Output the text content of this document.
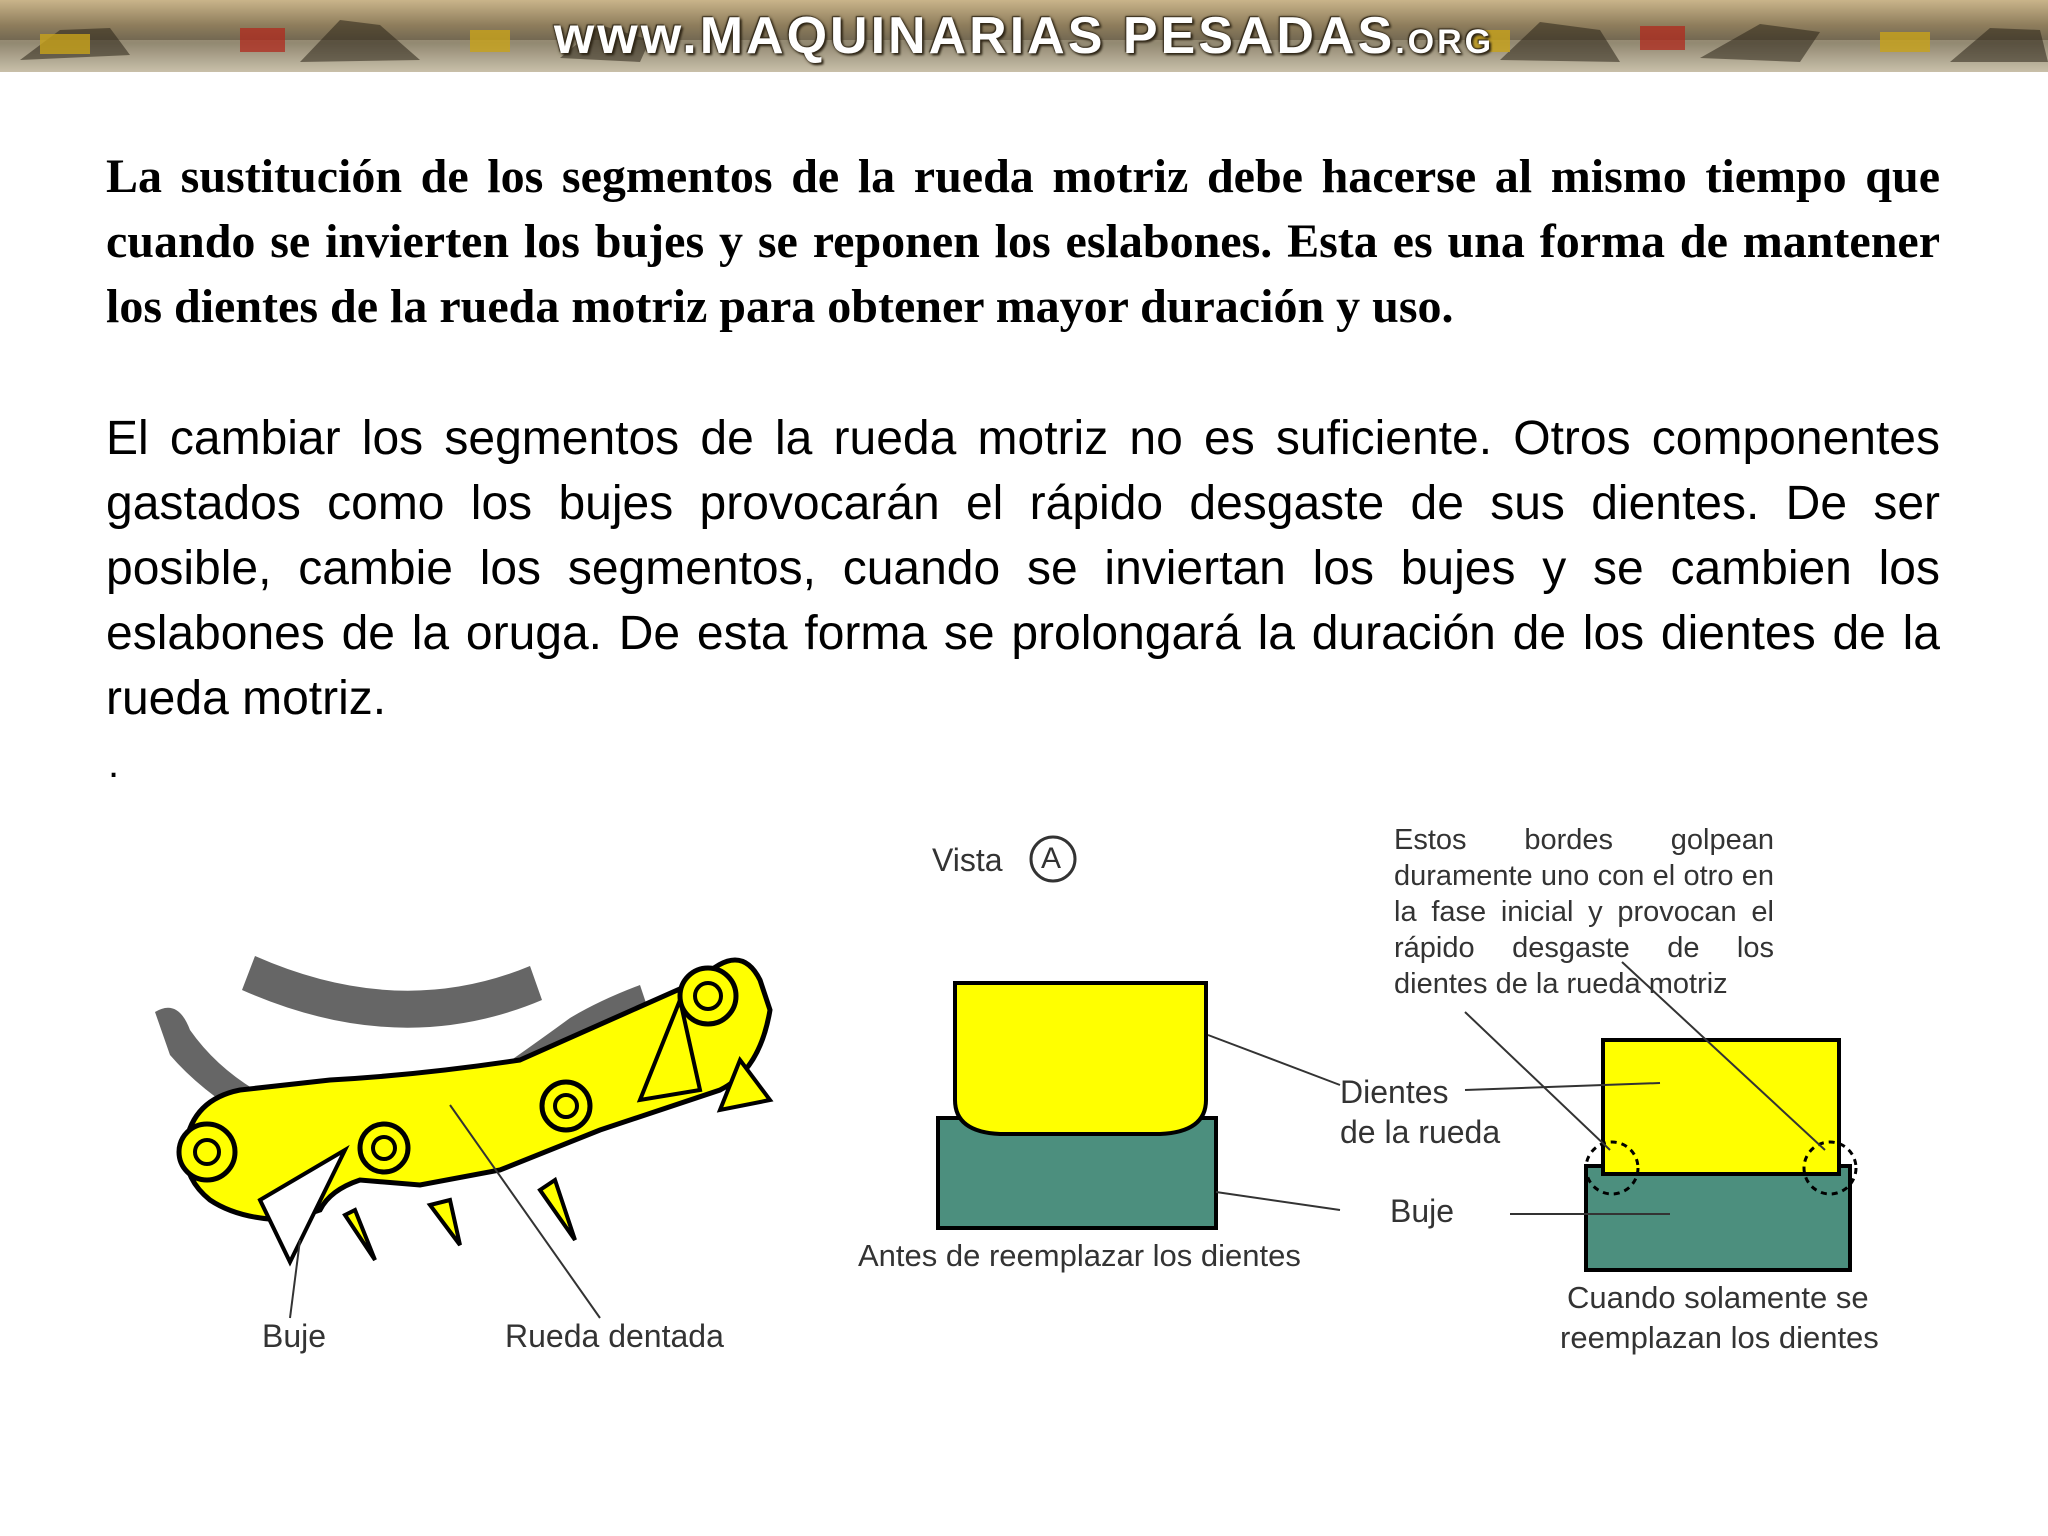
www.MAQUINARIAS PESADAS.ORG

La sustitución de los segmentos de la rueda motriz debe hacerse al mismo tiempo que cuando se invierten los bujes y se reponen los eslabones. Esta es una forma de mantener los dientes de la rueda motriz para obtener mayor duración y uso.

El cambiar los segmentos de la rueda motriz no es suficiente. Otros componentes gastados como los bujes provocarán el rápido desgaste de sus dientes. De ser posible, cambie los segmentos, cuando se inviertan los bujes y se cambien los eslabones de la oruga. De esta forma se prolongará la duración de los dientes de la rueda motriz.

.
Buje	Rueda dentada
Vista A
Dientes
de la rueda
Buje
Antes de reemplazar los dientes
Cuando solamente se
reemplazan los dientes
Estos bordes golpean duramente uno con el otro en la fase inicial y provocan el rápido desgaste de los dientes de la rueda motriz
